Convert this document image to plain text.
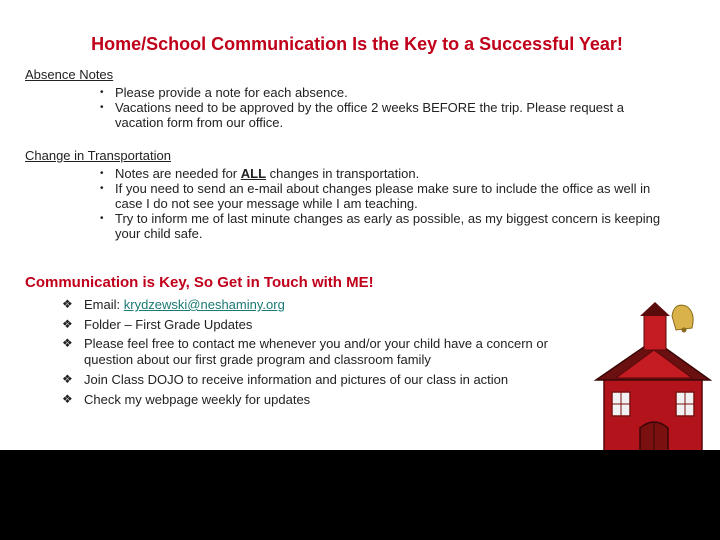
Home/School Communication Is the Key to a Successful Year!
Absence Notes
• Please provide a note for each absence.
• Vacations need to be approved by the office 2 weeks BEFORE the trip. Please request a vacation form from our office.
Change in Transportation
• Notes are needed for ALL changes in transportation.
• If you need to send an e-mail about changes please make sure to include the office as well in case I do not see your message while I am teaching.
• Try to inform me of last minute changes as early as possible, as my biggest concern is keeping your child safe.
Communication is Key, So Get in Touch with ME!
❖ Email: krydzewski@neshaminy.org
❖ Folder – First Grade Updates
❖ Please feel free to contact me whenever you and/or your child have a concern or question about our first grade program and classroom family
❖ Join Class DOJO to receive information and pictures of our class in action
❖ Check my webpage weekly for updates
